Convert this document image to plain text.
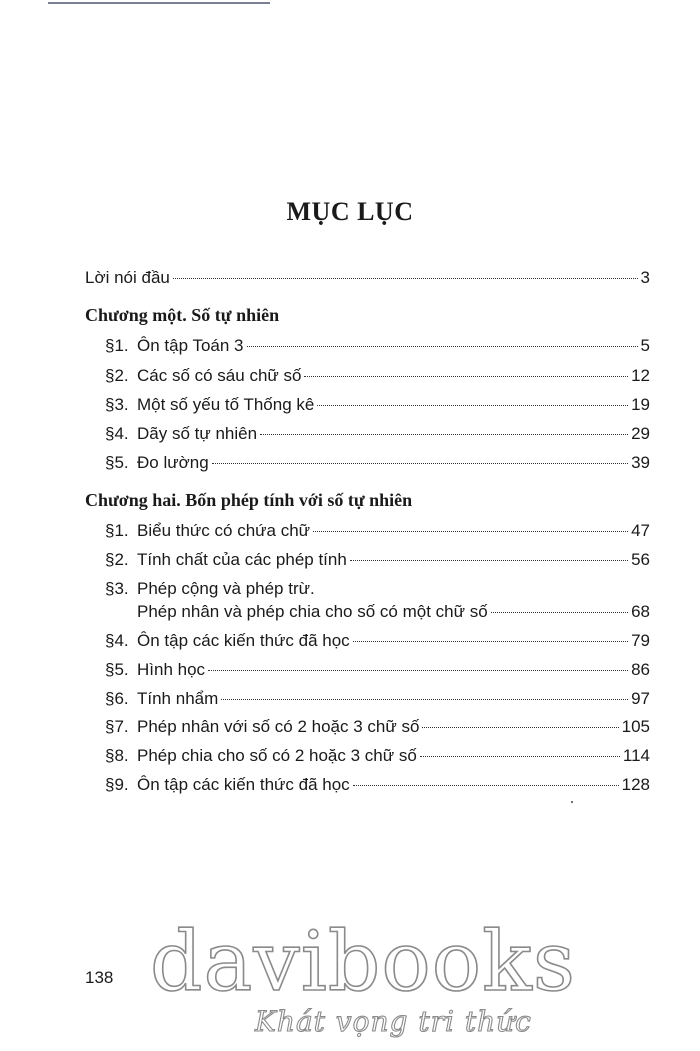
MỤC LỤC
Lời nói đầu	3
Chương một. Số tự nhiên
§1. Ôn tập Toán 3	5
§2. Các số có sáu chữ số	12
§3. Một số yếu tố Thống kê	19
§4. Dãy số tự nhiên	29
§5. Đo lường	39
Chương hai. Bốn phép tính với số tự nhiên
§1. Biểu thức có chứa chữ	47
§2. Tính chất của các phép tính	56
§3. Phép cộng và phép trừ.
Phép nhân và phép chia cho số có một chữ số	68
§4. Ôn tập các kiến thức đã học	79
§5. Hình học	86
§6. Tính nhẩm	97
§7. Phép nhân với số có 2 hoặc 3 chữ số	105
§8. Phép chia cho số có 2 hoặc 3 chữ số	114
§9. Ôn tập các kiến thức đã học	128
138 davibooks
Khát vọng tri thức
